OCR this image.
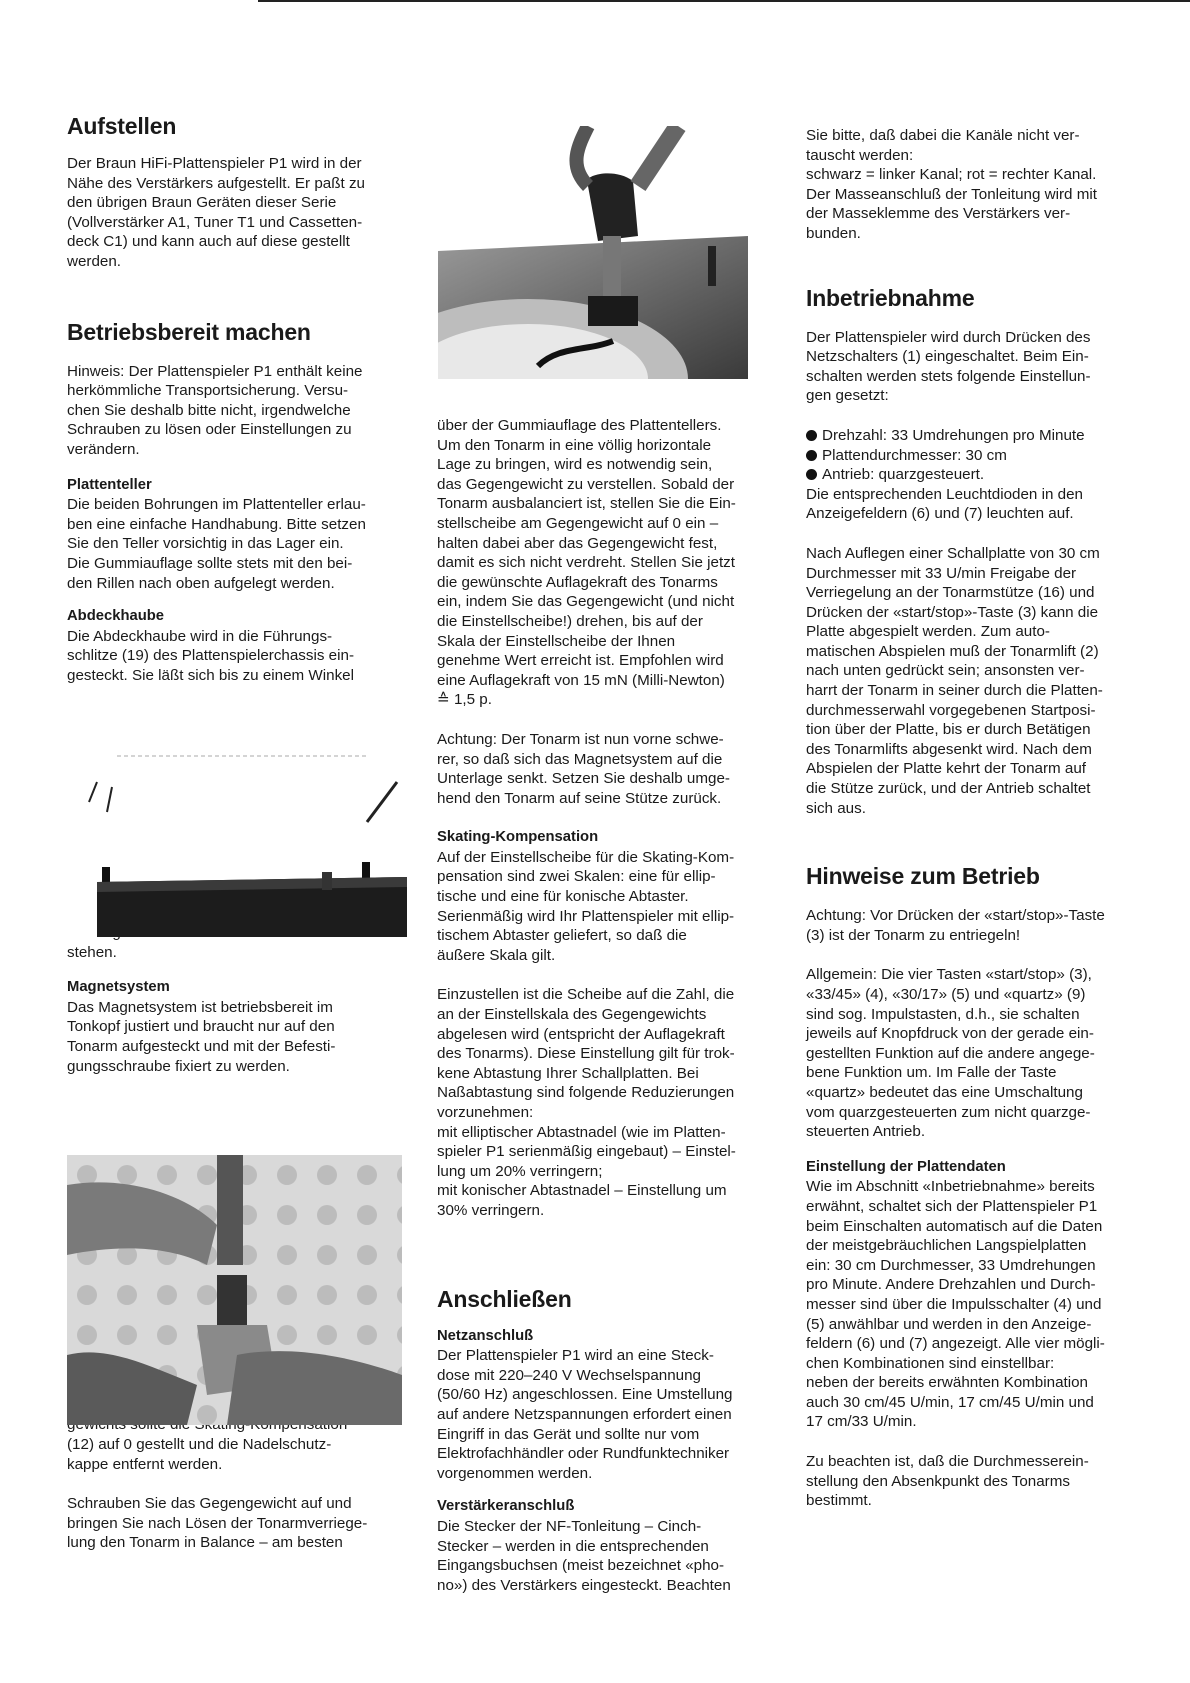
Aufstellen

Der Braun HiFi-Plattenspieler P1 wird in der
Nähe des Verstärkers aufgestellt. Er paßt zu
den übrigen Braun Geräten dieser Serie
(Vollverstärker A1, Tuner T1 und Cassetten-
deck C1) und kann auch auf diese gestellt
werden.

Betriebsbereit machen

Hinweis: Der Plattenspieler P1 enthält keine
herkömmliche Transportsicherung. Versu-
chen Sie deshalb bitte nicht, irgendwelche
Schrauben zu lösen oder Einstellungen zu
verändern.

Plattenteller

Die beiden Bohrungen im Plattenteller erlau-
ben eine einfache Handhabung. Bitte setzen
Sie den Teller vorsichtig in das Lager ein.
Die Gummiauflage sollte stets mit den bei-
den Rillen nach oben aufgelegt werden.

Abdeckhaube

Die Abdeckhaube wird in die Führungs-
schlitze (19) des Plattenspielerchassis ein-
gesteckt. Sie läßt sich bis zu einem Winkel

stehen.

Magnetsystem

Das Magnetsystem ist betriebsbereit im
Tonkopf justiert und braucht nur auf den
Tonarm aufgesteckt und mit der Befesti-
gungsschraube fixiert zu werden.

(12) auf 0 gestellt und die Nadelschutz-
kappe entfernt werden.

Schrauben Sie das Gegengewicht auf und
bringen Sie nach Lösen der Tonarmverriege-
lung den Tonarm in Balance – am besten

über der Gummiauflage des Plattentellers.
Um den Tonarm in eine völlig horizontale
Lage zu bringen, wird es notwendig sein,
das Gegengewicht zu verstellen. Sobald der
Tonarm ausbalanciert ist, stellen Sie die Ein-
stellscheibe am Gegengewicht auf 0 ein –
halten dabei aber das Gegengewicht fest,
damit es sich nicht verdreht. Stellen Sie jetzt
die gewünschte Auflagekraft des Tonarms
ein, indem Sie das Gegengewicht (und nicht
die Einstellscheibe!) drehen, bis auf der
Skala der Einstellscheibe der Ihnen
genehme Wert erreicht ist. Empfohlen wird
eine Auflagekraft von 15 mN (Milli-Newton)
≙ 1,5 p.

Achtung: Der Tonarm ist nun vorne schwe-
rer, so daß sich das Magnetsystem auf die
Unterlage senkt. Setzen Sie deshalb umge-
hend den Tonarm auf seine Stütze zurück.

Skating-Kompensation

Auf der Einstellscheibe für die Skating-Kom-
pensation sind zwei Skalen: eine für ellip-
tische und eine für konische Abtaster.
Serienmäßig wird Ihr Plattenspieler mit ellip-
tischem Abtaster geliefert, so daß die
äußere Skala gilt.

Einzustellen ist die Scheibe auf die Zahl, die
an der Einstellskala des Gegengewichts
abgelesen wird (entspricht der Auflagekraft
des Tonarms). Diese Einstellung gilt für trok-
kene Abtastung Ihrer Schallplatten. Bei
Naßabtastung sind folgende Reduzierungen
vorzunehmen:
mit elliptischer Abtastnadel (wie im Platten-
spieler P1 serienmäßig eingebaut) – Einstel-
lung um 20% verringern;
mit konischer Abtastnadel – Einstellung um
30% verringern.

Anschließen
Netzanschluß

Der Plattenspieler P1 wird an eine Steck-
dose mit 220–240 V Wechselspannung
(50/60 Hz) angeschlossen. Eine Umstellung
auf andere Netzspannungen erfordert einen
Eingriff in das Gerät und sollte nur vom
Elektrofachhändler oder Rundfunktechniker
vorgenommen werden.

Verstärkeranschluß

Die Stecker der NF-Tonleitung – Cinch-
Stecker – werden in die entsprechenden
Eingangsbuchsen (meist bezeichnet «pho-
no») des Verstärkers eingesteckt. Beachten

Sie bitte, daß dabei die Kanäle nicht ver-
tauscht werden:
schwarz = linker Kanal; rot = rechter Kanal.
Der Masseanschluß der Tonleitung wird mit
der Masseklemme des Verstärkers ver-
bunden.

Inbetriebnahme

Der Plattenspieler wird durch Drücken des
Netzschalters (1) eingeschaltet. Beim Ein-
schalten werden stets folgende Einstellun-
gen gesetzt:

Drehzahl: 33 Umdrehungen pro Minute
Plattendurchmesser: 30 cm
Antrieb: quarzgesteuert.

Die entsprechenden Leuchtdioden in den
Anzeigefeldern (6) und (7) leuchten auf.

Nach Auflegen einer Schallplatte von 30 cm
Durchmesser mit 33 U/min Freigabe der
Verriegelung an der Tonarmstütze (16) und
Drücken der «start/stop»-Taste (3) kann die
Platte abgespielt werden. Zum auto-
matischen Abspielen muß der Tonarmlift (2)
nach unten gedrückt sein; ansonsten ver-
harrt der Tonarm in seiner durch die Platten-
durchmesserwahl vorgegebenen Startposi-
tion über der Platte, bis er durch Betätigen
des Tonarmlifts abgesenkt wird. Nach dem
Abspielen der Platte kehrt der Tonarm auf
die Stütze zurück, und der Antrieb schaltet
sich aus.

Hinweise zum Betrieb

Achtung: Vor Drücken der «start/stop»-Taste
(3) ist der Tonarm zu entriegeln!

Allgemein: Die vier Tasten «start/stop» (3),
«33/45» (4), «30/17» (5) und «quartz» (9)
sind sog. Impulstasten, d.h., sie schalten
jeweils auf Knopfdruck von der gerade ein-
gestellten Funktion auf die andere angege-
bene Funktion um. Im Falle der Taste
«quartz» bedeutet das eine Umschaltung
vom quarzgesteuerten zum nicht quarzge-
steuerten Antrieb.

Einstellung der Plattendaten

Wie im Abschnitt «Inbetriebnahme» bereits
erwähnt, schaltet sich der Plattenspieler P1
beim Einschalten automatisch auf die Daten
der meistgebräuchlichen Langspielplatten
ein: 30 cm Durchmesser, 33 Umdrehungen
pro Minute. Andere Drehzahlen und Durch-
messer sind über die Impulsschalter (4) und
(5) anwählbar und werden in den Anzeige-
feldern (6) und (7) angezeigt. Alle vier mögli-
chen Kombinationen sind einstellbar:
neben der bereits erwähnten Kombination
auch 30 cm/45 U/min, 17 cm/45 U/min und
17 cm/33 U/min.

Zu beachten ist, daß die Durchmesserein-
stellung den Absenkpunkt des Tonarms
bestimmt.
